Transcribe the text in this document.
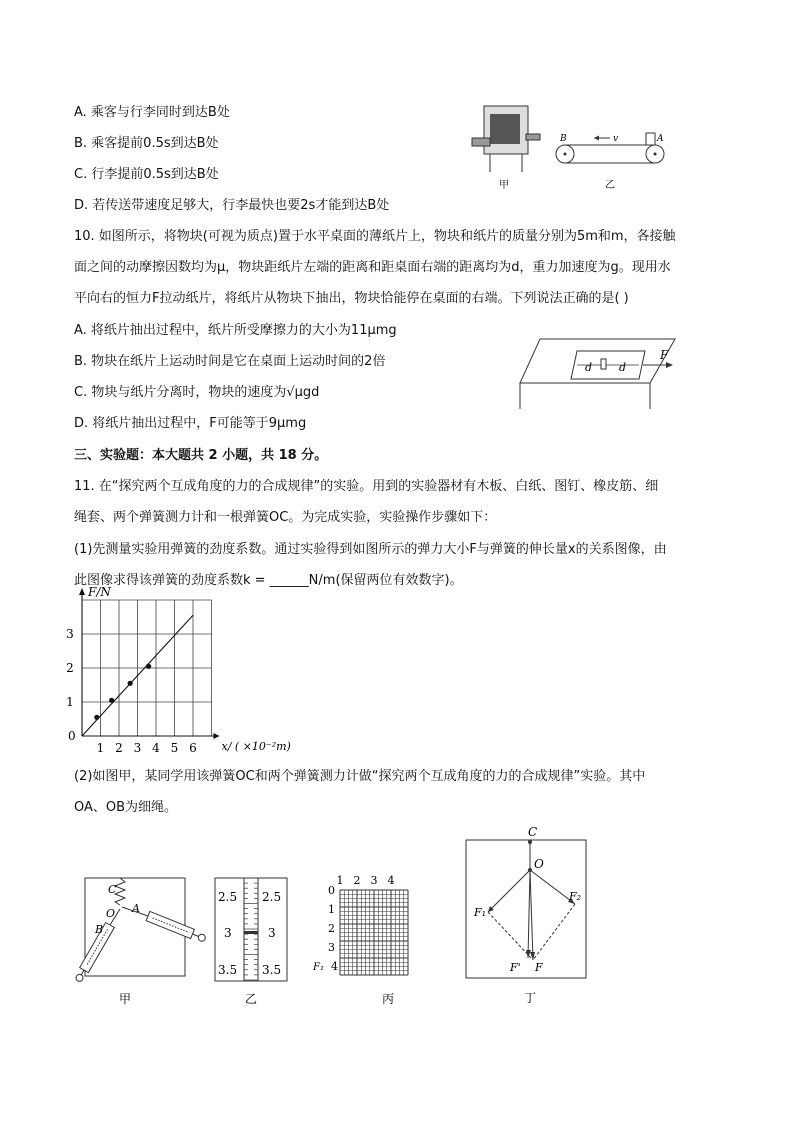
A. 乘客与行李同时到达B处
B. 乘客提前0.5s到达B处
C. 行李提前0.5s到达B处
D. 若传送带速度足够大，行李最快也要2s才能到达B处
甲
B	A
v
乙
10. 如图所示，将物块(可视为质点)置于水平桌面的薄纸片上，物块和纸片的质量分别为5m和m，各接触
面之间的动摩擦因数均为μ，物块距纸片左端的距离和距桌面右端的距离均为d，重力加速度为g。现用水
平向右的恒力F拉动纸片，将纸片从物块下抽出，物块恰能停在桌面的右端。下列说法正确的是( )
A. 将纸片抽出过程中，纸片所受摩擦力的大小为11μmg
B. 物块在纸片上运动时间是它在桌面上运动时间的2倍
C. 物块与纸片分离时，物块的速度为√μgd
D. 将纸片抽出过程中，F可能等于9μmg
d d
F
三、实验题：本大题共 2 小题，共 18 分。
11. 在“探究两个互成角度的力的合成规律”的实验。用到的实验器材有木板、白纸、图钉、橡皮筋、细
绳套、两个弹簧测力计和一根弹簧OC。为完成实验，实验操作步骤如下：
(1)先测量实验用弹簧的劲度系数。通过实验得到如图所示的弹力大小F与弹簧的伸长量x的关系图像，由
此图像求得该弹簧的劲度系数k = ______N/m(保留两位有效数字)。
1 2 3 4 5 6
1
2
3
F/N
x/ ( ×10⁻²m)
0
(2)如图甲，某同学用该弹簧OC和两个弹簧测力计做“探究两个互成角度的力的合成规律”实验。其中
OA、OB为细绳。
C
O A
B
甲
2.5
3
3.5
2.5
3
3.5
乙
1 2 3 4
0
1
2
3
4
F₁
丙
C
O
F₁
F₂
F' F
丁
